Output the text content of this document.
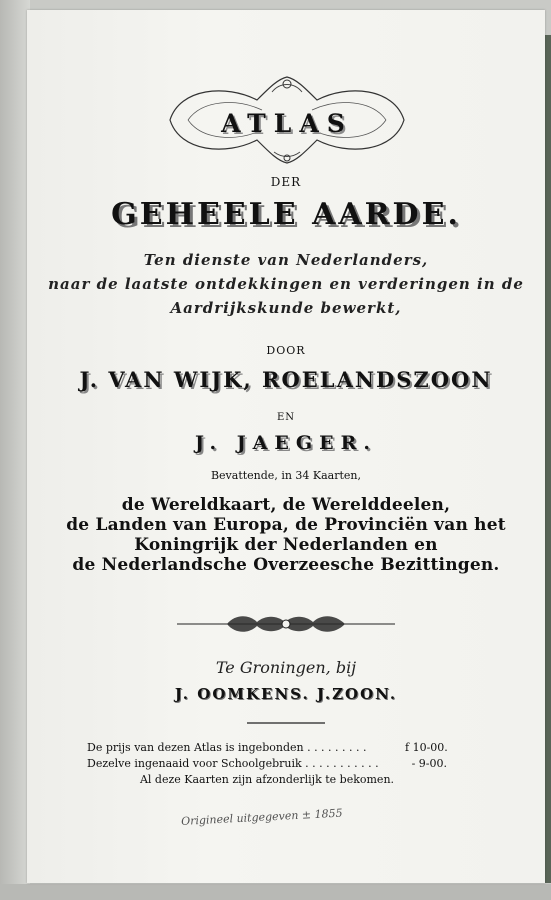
ATLAS
DER
GEHEELE AARDE.
Ten dienste van Nederlanders,
naar de laatste ontdekkingen en verderingen in de
Aardrijkskunde bewerkt,
DOOR
J. VAN WIJK, ROELANDSZOON
EN
J. JAEGER.
Bevattende, in 34 Kaarten,
de Wereldkaart, de Werelddeelen,
de Landen van Europa, de Provinciën van het
Koningrijk der Nederlanden en
de Nederlandsche Overzeesche Bezittingen.
Te Groningen, bij
J. OOMKENS. J.ZOON.
De prijs van dezen Atlas is ingebonden . . . . . . . . .	f 10-00.
Dezelve ingenaaid voor Schoolgebruik . . . . . . . . . . .	- 9-00.
Al deze Kaarten zijn afzonderlijk te bekomen.
Origineel uitgegeven ± 1855
